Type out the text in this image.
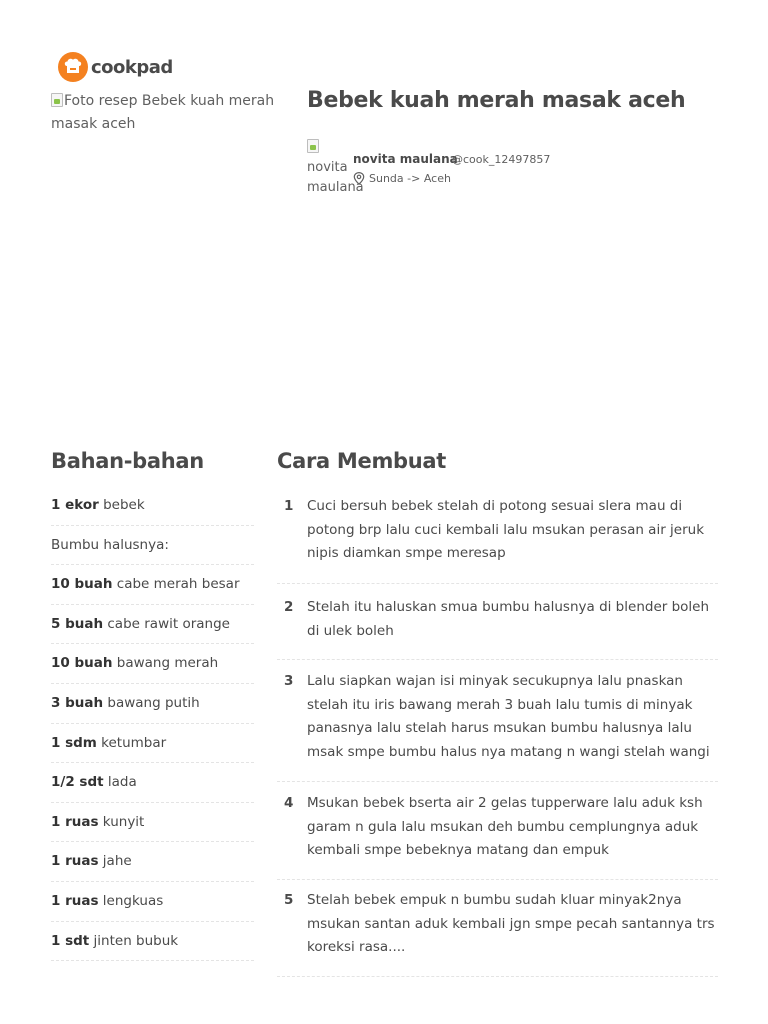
cookpad
Foto resep Bebek kuah merah masak aceh
Bebek kuah merah masak aceh

novita maulana
novita maulana
@cook_12497857
Sunda -> Aceh
Bahan-bahan
1 ekor bebek
Bumbu halusnya:
10 buah cabe merah besar
5 buah cabe rawit orange
10 buah bawang merah
3 buah bawang putih
1 sdm ketumbar
1/2 sdt lada
1 ruas kunyit
1 ruas jahe
1 ruas lengkuas
1 sdt jinten bubuk
Cara Membuat
1	Cuci bersuh bebek stelah di potong sesuai slera mau di
potong brp lalu cuci kembali lalu msukan perasan air jeruk
nipis diamkan smpe meresap
2	Stelah itu haluskan smua bumbu halusnya di blender boleh
di ulek boleh
3	Lalu siapkan wajan isi minyak secukupnya lalu pnaskan
stelah itu iris bawang merah 3 buah lalu tumis di minyak
panasnya lalu stelah harus msukan bumbu halusnya lalu
msak smpe bumbu halus nya matang n wangi stelah wangi
4	Msukan bebek bserta air 2 gelas tupperware lalu aduk ksh
garam n gula lalu msukan deh bumbu cemplungnya aduk
kembali smpe bebeknya matang dan empuk
5	Stelah bebek empuk n bumbu sudah kluar minyak2nya
msukan santan aduk kembali jgn smpe pecah santannya trs
koreksi rasa....
